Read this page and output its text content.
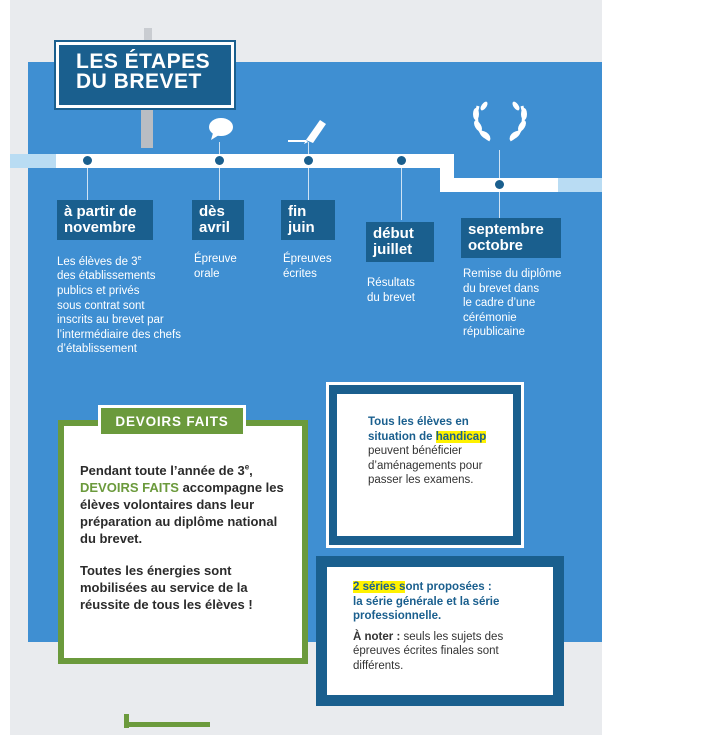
LES ÉTAPES
DU BREVET
à partir de
novembre
Les élèves de 3e
des établissements
publics et privés
sous contrat sont
inscrits au brevet par
l’intermédiaire des chefs
d’établissement
dès
avril
Épreuve
orale
fin
juin
Épreuves
écrites
début
juillet
Résultats
du brevet
septembre
octobre
Remise du diplôme
du brevet dans
le cadre d’une
cérémonie
républicaine
DEVOIRS FAITS
Pendant toute l’année de 3e,
DEVOIRS FAITS accompagne les élèves volontaires dans leur préparation au diplôme national du brevet.
Toutes les énergies sont mobilisées au service de la réussite de tous les élèves !
Tous les élèves en
situation de handicap
peuvent bénéficier d’aménagements pour passer les examens.

2 séries sont proposées :
la série générale et la série professionnelle.

À noter : seuls les sujets des épreuves écrites finales sont différents.
